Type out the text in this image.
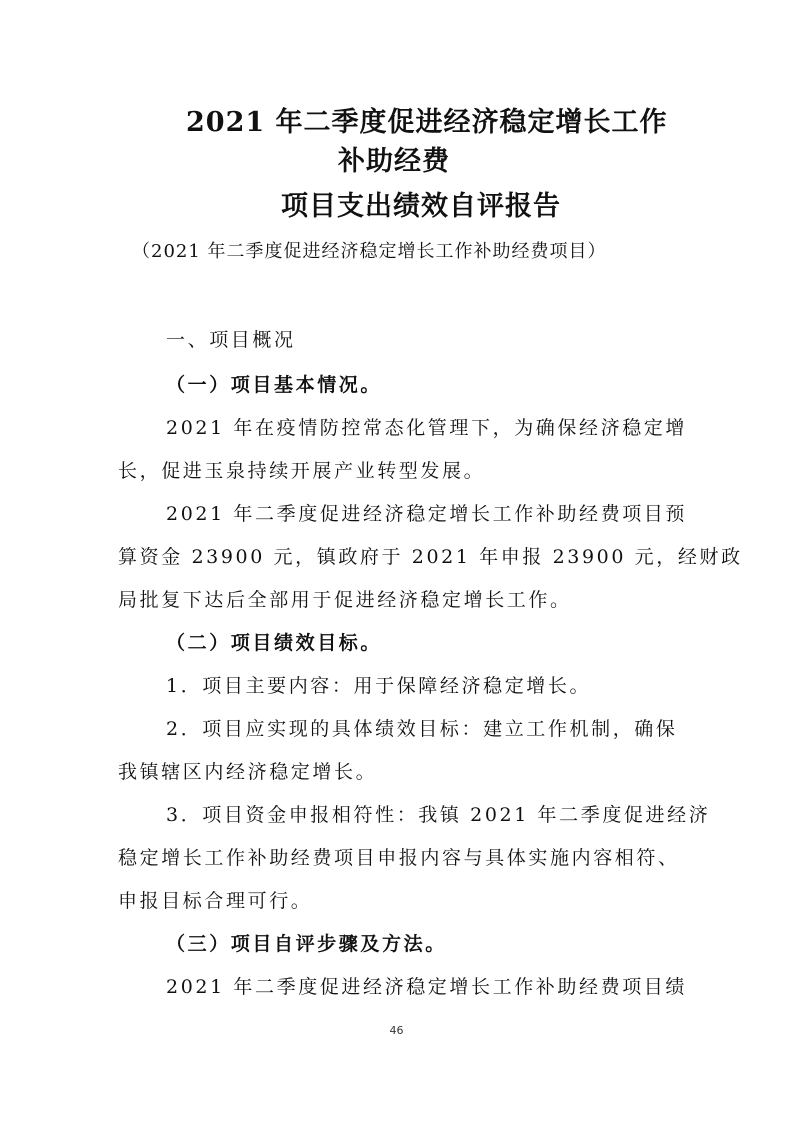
2021 年二季度促进经济稳定增长工作
补助经费
项目支出绩效自评报告
（2021 年二季度促进经济稳定增长工作补助经费项目）
一、项目概况
（一）项目基本情况。
2021 年在疫情防控常态化管理下，为确保经济稳定增
长，促进玉泉持续开展产业转型发展。
2021 年二季度促进经济稳定增长工作补助经费项目预
算资金 23900 元，镇政府于 2021 年申报 23900 元，经财政
局批复下达后全部用于促进经济稳定增长工作。
（二）项目绩效目标。
1．项目主要内容：用于保障经济稳定增长。
2．项目应实现的具体绩效目标：建立工作机制，确保
我镇辖区内经济稳定增长。
3．项目资金申报相符性：我镇 2021 年二季度促进经济
稳定增长工作补助经费项目申报内容与具体实施内容相符、
申报目标合理可行。
（三）项目自评步骤及方法。
2021 年二季度促进经济稳定增长工作补助经费项目绩
46
